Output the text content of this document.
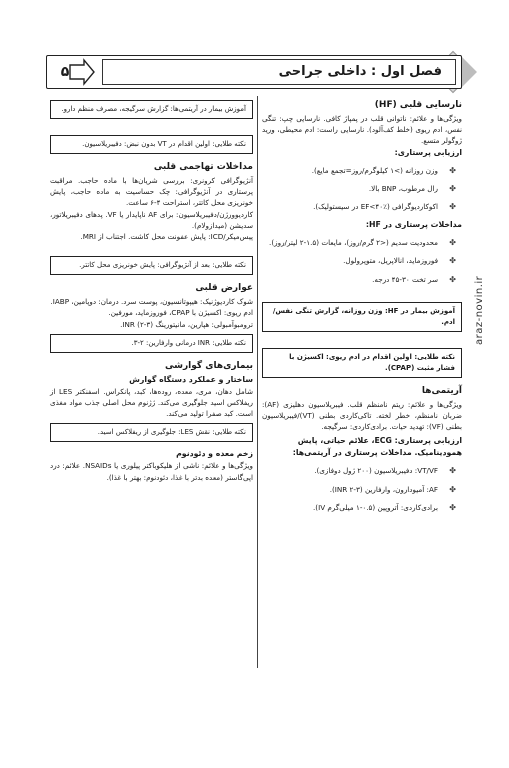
فصل اول : داخلی جراحی
۵
araz-novin.ir
نارسایی قلبی (HF)
ویژگی‌ها و علائم: ناتوانی قلب در پمپاژ کافی. نارسایی چپ: تنگی نفس، ادم ریوی (خلط کف‌آلود). نارسایی راست: ادم محیطی، ورید ژوگولر متسع.
ارزیابی پرستاری:
✤ وزن روزانه (>۱ کیلوگرم/روز=تجمع مایع).
✤ رال مرطوب، BNP بالا.
✤ اکوکاردیوگرافی (EF<۴۰٪ در سیستولیک).
مداخلات پرستاری در HF:
✤ محدودیت سدیم (<۲ گرم/روز)، مایعات (۱.۵-۲ لیتر/روز).
✤ فوروزماید، انالاپریل، متوپرولول.
✤ سر تخت ۳۰-۴۵ درجه.
آموزش بیمار در HF: وزن روزانه، گزارش تنگی نفس/ادم.
نکته طلایی: اولین اقدام در ادم ریوی: اکسیژن با فشار مثبت (CPAP).
آریتمی‌ها
ویژگی‌ها و علائم: ریتم نامنظم قلب. فیبریلاسیون دهلیزی (AF): ضربان نامنظم، خطر لخته. تاکی‌کاردی بطنی (VT)/فیبریلاسیون بطنی (VF): تهدید حیات. برادی‌کاردی: سرگیجه.
ارزیابی پرستاری: ECG، علائم حیاتی، پایش همودینامیک. مداخلات پرستاری در آریتمی‌ها:
✤ VT/VF: دفیبریلاسیون (۲۰۰ ژول دوفازی).
✤ AF: آمیودارون، وارفارین (INR ۲-۳).
✤ برادی‌کاردی: آتروپین (۰.۵-۱ میلی‌گرم IV).
آموزش بیمار در آریتمی‌ها: گزارش سرگیجه، مصرف منظم دارو.
نکته طلایی: اولین اقدام در VT بدون نبض: دفیبریلاسیون.
مداخلات تهاجمی قلبی
آنژیوگرافی کرونری: بررسی شریان‌ها با ماده حاجب. مراقبت پرستاری در آنژیوگرافی: چک حساسیت به ماده حاجب، پایش خونریزی محل کاتتر، استراحت ۴-۶ ساعت.
کاردیوورژن/دفیبریلاسیون: برای AF ناپایدار یا VF. پدهای دفیبریلاتور، سدیشن (میدازولام).
پیس‌میکر/ICD: پایش عفونت محل کاشت. اجتناب از MRI.
نکته طلایی: بعد از آنژیوگرافی: پایش خونریزی محل کاتتر.
عوارض قلبی
شوک کاردیوژنیک: هیپوتانسیون، پوست سرد. درمان: دوپامین، IABP.
ادم ریوی: اکسیژن با CPAP، فوروزماید، مورفین.
ترومبوآمبولی: هپارین، مانیتورینگ INR (۲-۳).
نکته طلایی: INR درمانی وارفارین: ۲-۳.
بیماری‌های گوارشی
ساختار و عملکرد دستگاه گوارش
شامل دهان، مری، معده، روده‌ها، کبد، پانکراس. اسفنکتر LES از ریفلاکس اسید جلوگیری می‌کند. ژژنوم محل اصلی جذب مواد مغذی است. کبد صفرا تولید می‌کند.
نکته طلایی: نقش LES: جلوگیری از ریفلاکس اسید.
زخم معده و دئودنوم
ویژگی‌ها و علائم: ناشی از هلیکوباکتر پیلوری یا NSAIDs. علائم: درد اپی‌گاستر (معده بدتر با غذا، دئودنوم: بهتر با غذا).
